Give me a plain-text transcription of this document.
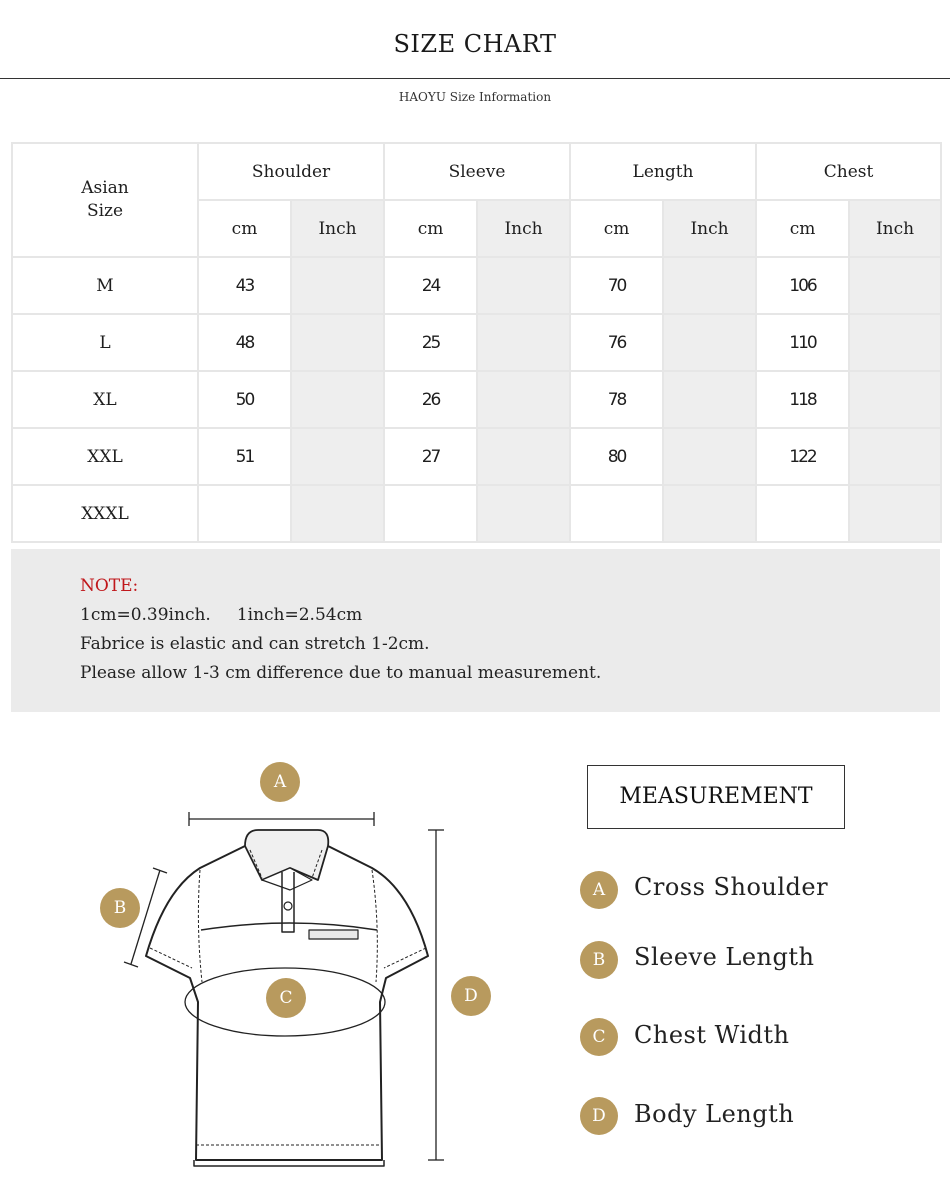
SIZE CHART
HAOYU Size Information
Asian Size	Shoulder		Sleeve		Length		Chest	
	cm	Inch	cm	Inch	cm	Inch	cm	Inch
M	43		24		70		106	
L	48		25		76		110	
XL	50		26		78		118	
XXL	51		27		80		122	
XXXL								
NOTE:
1cm=0.39inch. 1inch=2.54cm
Fabrice is elastic and can stretch 1-2cm.
Please allow 1-3 cm difference due to manual measurement.
A
B
C	D
MEASUREMENT
A	Cross Shoulder
B	Sleeve Length
C	Chest Width
D	Body Length
